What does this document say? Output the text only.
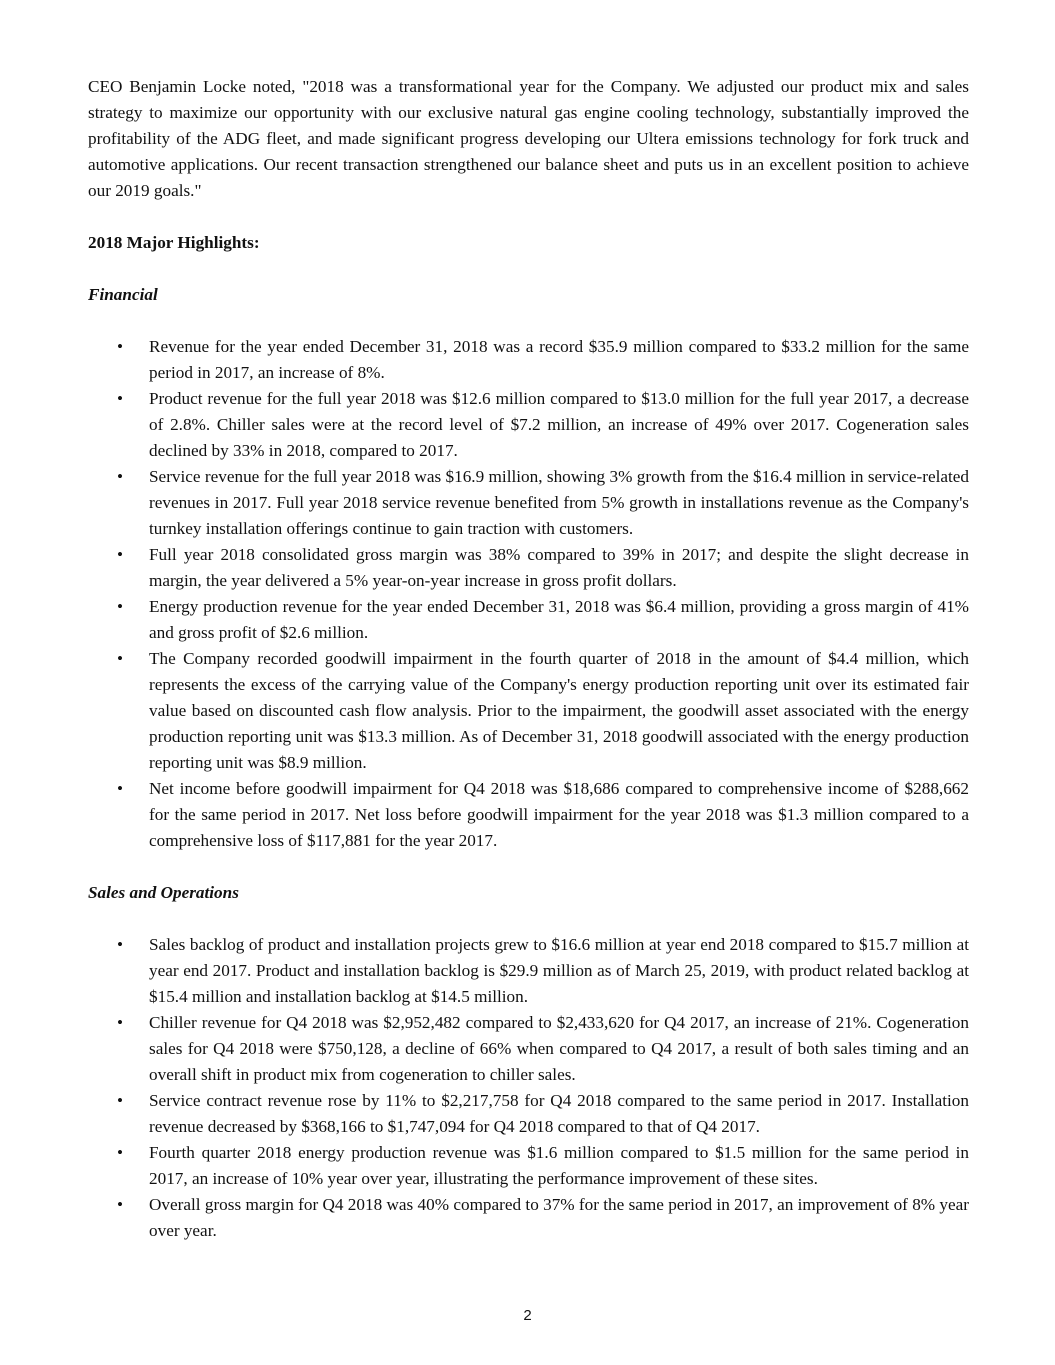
CEO Benjamin Locke noted, "2018 was a transformational year for the Company. We adjusted our product mix and sales strategy to maximize our opportunity with our exclusive natural gas engine cooling technology, substantially improved the profitability of the ADG fleet, and made significant progress developing our Ultera emissions technology for fork truck and automotive applications. Our recent transaction strengthened our balance sheet and puts us in an excellent position to achieve our 2019 goals."

2018 Major Highlights:

Financial

• Revenue for the year ended December 31, 2018 was a record $35.9 million compared to $33.2 million for the same period in 2017, an increase of 8%.
• Product revenue for the full year 2018 was $12.6 million compared to $13.0 million for the full year 2017, a decrease of 2.8%. Chiller sales were at the record level of $7.2 million, an increase of 49% over 2017. Cogeneration sales declined by 33% in 2018, compared to 2017.
• Service revenue for the full year 2018 was $16.9 million, showing 3% growth from the $16.4 million in service-related revenues in 2017. Full year 2018 service revenue benefited from 5% growth in installations revenue as the Company's turnkey installation offerings continue to gain traction with customers.
• Full year 2018 consolidated gross margin was 38% compared to 39% in 2017; and despite the slight decrease in margin, the year delivered a 5% year-on-year increase in gross profit dollars.
• Energy production revenue for the year ended December 31, 2018 was $6.4 million, providing a gross margin of 41% and gross profit of $2.6 million.
• The Company recorded goodwill impairment in the fourth quarter of 2018 in the amount of $4.4 million, which represents the excess of the carrying value of the Company's energy production reporting unit over its estimated fair value based on discounted cash flow analysis. Prior to the impairment, the goodwill asset associated with the energy production reporting unit was $13.3 million. As of December 31, 2018 goodwill associated with the energy production reporting unit was $8.9 million.
• Net income before goodwill impairment for Q4 2018 was $18,686 compared to comprehensive income of $288,662 for the same period in 2017. Net loss before goodwill impairment for the year 2018 was $1.3 million compared to a comprehensive loss of $117,881 for the year 2017.

Sales and Operations

• Sales backlog of product and installation projects grew to $16.6 million at year end 2018 compared to $15.7 million at year end 2017. Product and installation backlog is $29.9 million as of March 25, 2019, with product related backlog at $15.4 million and installation backlog at $14.5 million.
• Chiller revenue for Q4 2018 was $2,952,482 compared to $2,433,620 for Q4 2017, an increase of 21%. Cogeneration sales for Q4 2018 were $750,128, a decline of 66% when compared to Q4 2017, a result of both sales timing and an overall shift in product mix from cogeneration to chiller sales.
• Service contract revenue rose by 11% to $2,217,758 for Q4 2018 compared to the same period in 2017. Installation revenue decreased by $368,166 to $1,747,094 for Q4 2018 compared to that of Q4 2017.
• Fourth quarter 2018 energy production revenue was $1.6 million compared to $1.5 million for the same period in 2017, an increase of 10% year over year, illustrating the performance improvement of these sites.
• Overall gross margin for Q4 2018 was 40% compared to 37% for the same period in 2017, an improvement of 8% year over year.
2
